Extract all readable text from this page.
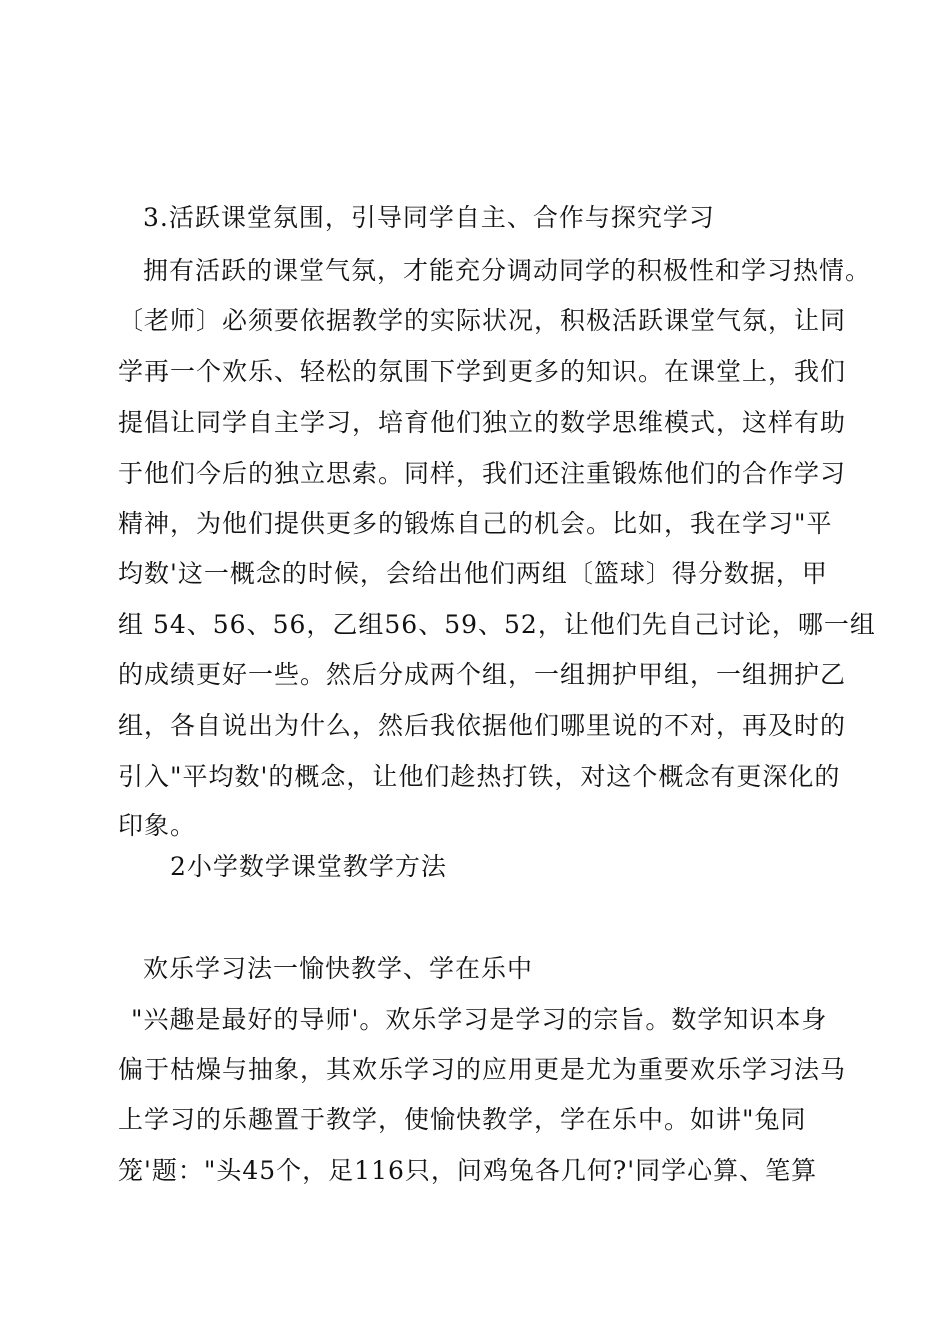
3.活跃课堂氛围，引导同学自主、合作与探究学习
拥有活跃的课堂气氛，才能充分调动同学的积极性和学习热情。
〔老师〕必须要依据教学的实际状况，积极活跃课堂气氛，让同
学再一个欢乐、轻松的氛围下学到更多的知识。在课堂上，我们
提倡让同学自主学习，培育他们独立的数学思维模式，这样有助
于他们今后的独立思索。同样，我们还注重锻炼他们的合作学习
精神，为他们提供更多的锻炼自己的机会。比如，我在学习"平
均数'这一概念的时候，会给出他们两组〔篮球〕得分数据，甲
组 54、56、56，乙组56、59、52，让他们先自己讨论，哪一组
的成绩更好一些。然后分成两个组，一组拥护甲组，一组拥护乙
组，各自说出为什么，然后我依据他们哪里说的不对，再及时的
引入"平均数'的概念，让他们趁热打铁，对这个概念有更深化的
印象。
2小学数学课堂教学方法
欢乐学习法一愉快教学、学在乐中
"兴趣是最好的导师'。欢乐学习是学习的宗旨。数学知识本身
偏于枯燥与抽象，其欢乐学习的应用更是尤为重要欢乐学习法马
上学习的乐趣置于教学，使愉快教学，学在乐中。如讲"兔同
笼'题："头45个，足116只，问鸡兔各几何?'同学心算、笔算
